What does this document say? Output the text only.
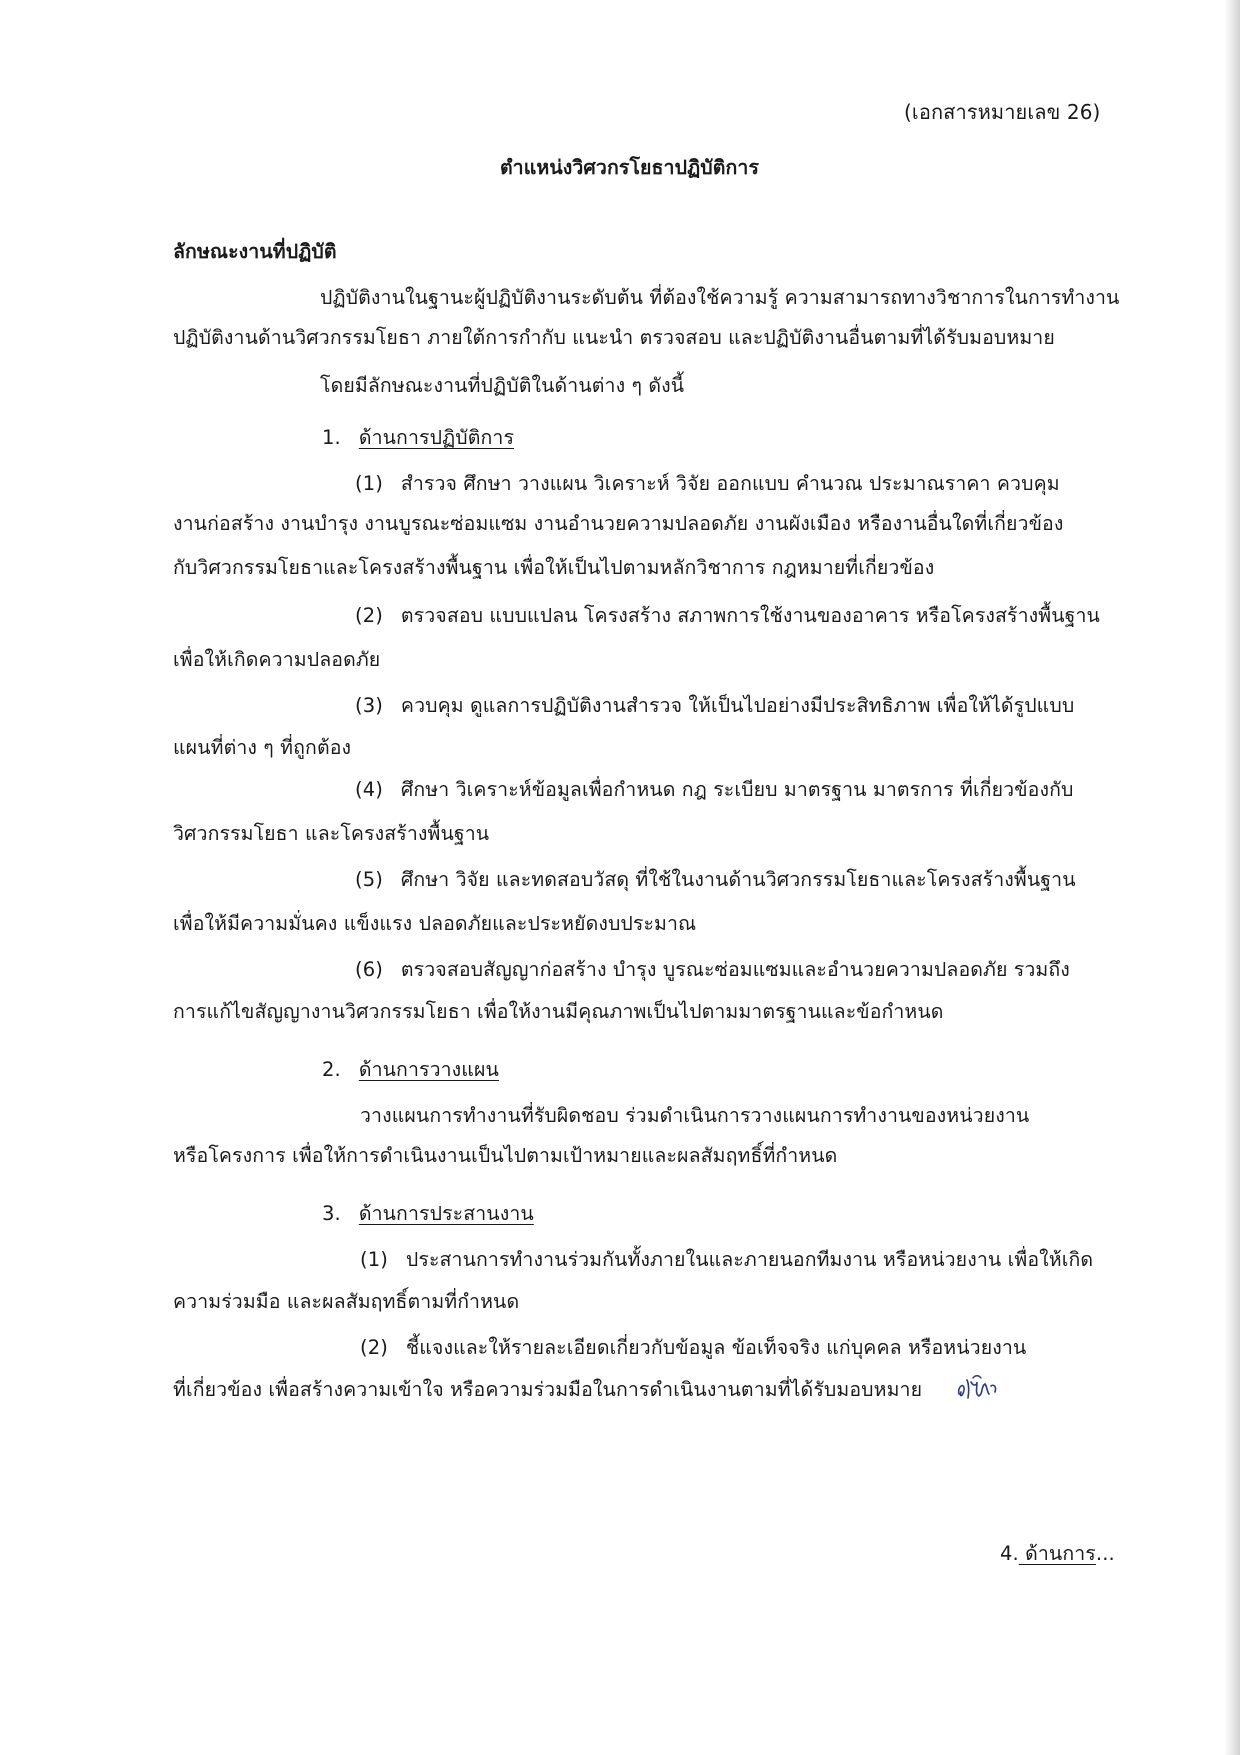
(เอกสารหมายเลข 26)
ตำแหน่งวิศวกรโยธาปฏิบัติการ
ลักษณะงานที่ปฏิบัติ
ปฏิบัติงานในฐานะผู้ปฏิบัติงานระดับต้น ที่ต้องใช้ความรู้ ความสามารถทางวิชาการในการทำงาน
ปฏิบัติงานด้านวิศวกรรมโยธา ภายใต้การกำกับ แนะนำ ตรวจสอบ และปฏิบัติงานอื่นตามที่ได้รับมอบหมาย
โดยมีลักษณะงานที่ปฏิบัติในด้านต่าง ๆ ดังนี้
1. ด้านการปฏิบัติการ
(1) สำรวจ ศึกษา วางแผน วิเคราะห์ วิจัย ออกแบบ คำนวณ ประมาณราคา ควบคุม
งานก่อสร้าง งานบำรุง งานบูรณะซ่อมแซม งานอำนวยความปลอดภัย งานผังเมือง หรืองานอื่นใดที่เกี่ยวข้อง
กับวิศวกรรมโยธาและโครงสร้างพื้นฐาน เพื่อให้เป็นไปตามหลักวิชาการ กฎหมายที่เกี่ยวข้อง
(2) ตรวจสอบ แบบแปลน โครงสร้าง สภาพการใช้งานของอาคาร หรือโครงสร้างพื้นฐาน
เพื่อให้เกิดความปลอดภัย
(3) ควบคุม ดูแลการปฏิบัติงานสำรวจ ให้เป็นไปอย่างมีประสิทธิภาพ เพื่อให้ได้รูปแบบ
แผนที่ต่าง ๆ ที่ถูกต้อง
(4) ศึกษา วิเคราะห์ข้อมูลเพื่อกำหนด กฎ ระเบียบ มาตรฐาน มาตรการ ที่เกี่ยวข้องกับ
วิศวกรรมโยธา และโครงสร้างพื้นฐาน
(5) ศึกษา วิจัย และทดสอบวัสดุ ที่ใช้ในงานด้านวิศวกรรมโยธาและโครงสร้างพื้นฐาน
เพื่อให้มีความมั่นคง แข็งแรง ปลอดภัยและประหยัดงบประมาณ
(6) ตรวจสอบสัญญาก่อสร้าง บำรุง บูรณะซ่อมแซมและอำนวยความปลอดภัย รวมถึง
การแก้ไขสัญญางานวิศวกรรมโยธา เพื่อให้งานมีคุณภาพเป็นไปตามมาตรฐานและข้อกำหนด
2. ด้านการวางแผน
วางแผนการทำงานที่รับผิดชอบ ร่วมดำเนินการวางแผนการทำงานของหน่วยงาน
หรือโครงการ เพื่อให้การดำเนินงานเป็นไปตามเป้าหมายและผลสัมฤทธิ์ที่กำหนด
3. ด้านการประสานงาน
(1) ประสานการทำงานร่วมกันทั้งภายในและภายนอกทีมงาน หรือหน่วยงาน เพื่อให้เกิด
ความร่วมมือ และผลสัมฤทธิ์ตามที่กำหนด
(2) ชี้แจงและให้รายละเอียดเกี่ยวกับข้อมูล ข้อเท็จจริง แก่บุคคล หรือหน่วยงาน
ที่เกี่ยวข้อง เพื่อสร้างความเข้าใจ หรือความร่วมมือในการดำเนินงานตามที่ได้รับมอบหมาย
4. ด้านการ...
